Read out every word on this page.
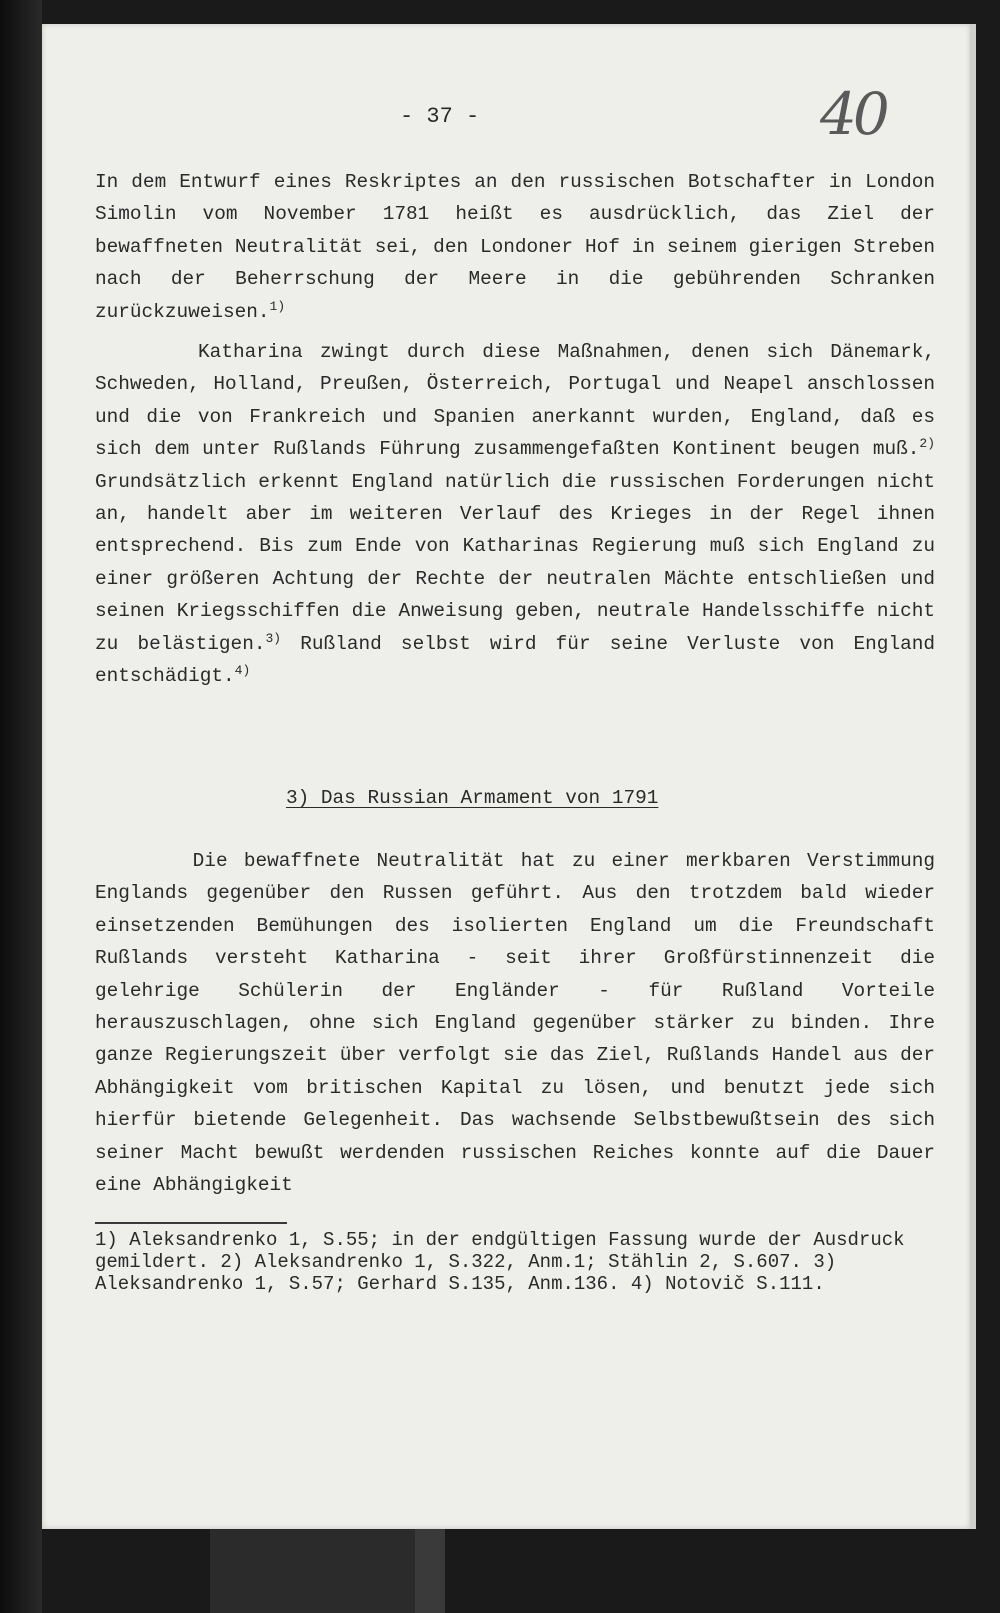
- 37 -	40

In dem Entwurf eines Reskriptes an den russischen Botschafter in London Simolin vom November 1781 heißt es ausdrücklich, das Ziel der bewaffneten Neutralität sei, den Londoner Hof in seinem gierigen Streben nach der Beherrschung der Meere in die gebührenden Schranken zurückzuweisen.$^{1)}$

Katharina zwingt durch diese Maßnahmen, denen sich Dänemark, Schweden, Holland, Preußen, Österreich, Portugal und Neapel anschlossen und die von Frankreich und Spanien anerkannt wurden, England, daß es sich dem unter Rußlands Führung zusammengefaßten Kontinent beugen muß.$^{2)}$ Grundsätzlich erkennt England natürlich die russischen Forderungen nicht an, handelt aber im weiteren Verlauf des Krieges in der Regel ihnen entsprechend. Bis zum Ende von Katharinas Regierung muß sich England zu einer größeren Achtung der Rechte der neutralen Mächte entschließen und seinen Kriegsschiffen die Anweisung geben, neutrale Handelsschiffe nicht zu belästigen.$^{3)}$ Rußland selbst wird für seine Verluste von England entschädigt.$^{4)}$

3) Das Russian Armament von 1791

Die bewaffnete Neutralität hat zu einer merkbaren Verstimmung Englands gegenüber den Russen geführt. Aus den trotzdem bald wieder einsetzenden Bemühungen des isolierten England um die Freundschaft Rußlands versteht Katharina - seit ihrer Großfürstinnenzeit die gelehrige Schülerin der Engländer - für Rußland Vorteile herauszuschlagen, ohne sich England gegenüber stärker zu binden. Ihre ganze Regierungszeit über verfolgt sie das Ziel, Rußlands Handel aus der Abhängigkeit vom britischen Kapital zu lösen, und benutzt jede sich hierfür bietende Gelegenheit. Das wachsende Selbstbewußtsein des sich seiner Macht bewußt werdenden russischen Reiches konnte auf die Dauer eine Abhängigkeit

1) Aleksandrenko 1, S.55; in der endgültigen Fassung wurde der Ausdruck gemildert. 2) Aleksandrenko 1, S.322, Anm.1; Stählin 2, S.607. 3) Aleksandrenko 1, S.57; Gerhard S.135, Anm.136. 4) Notovič S.111.
